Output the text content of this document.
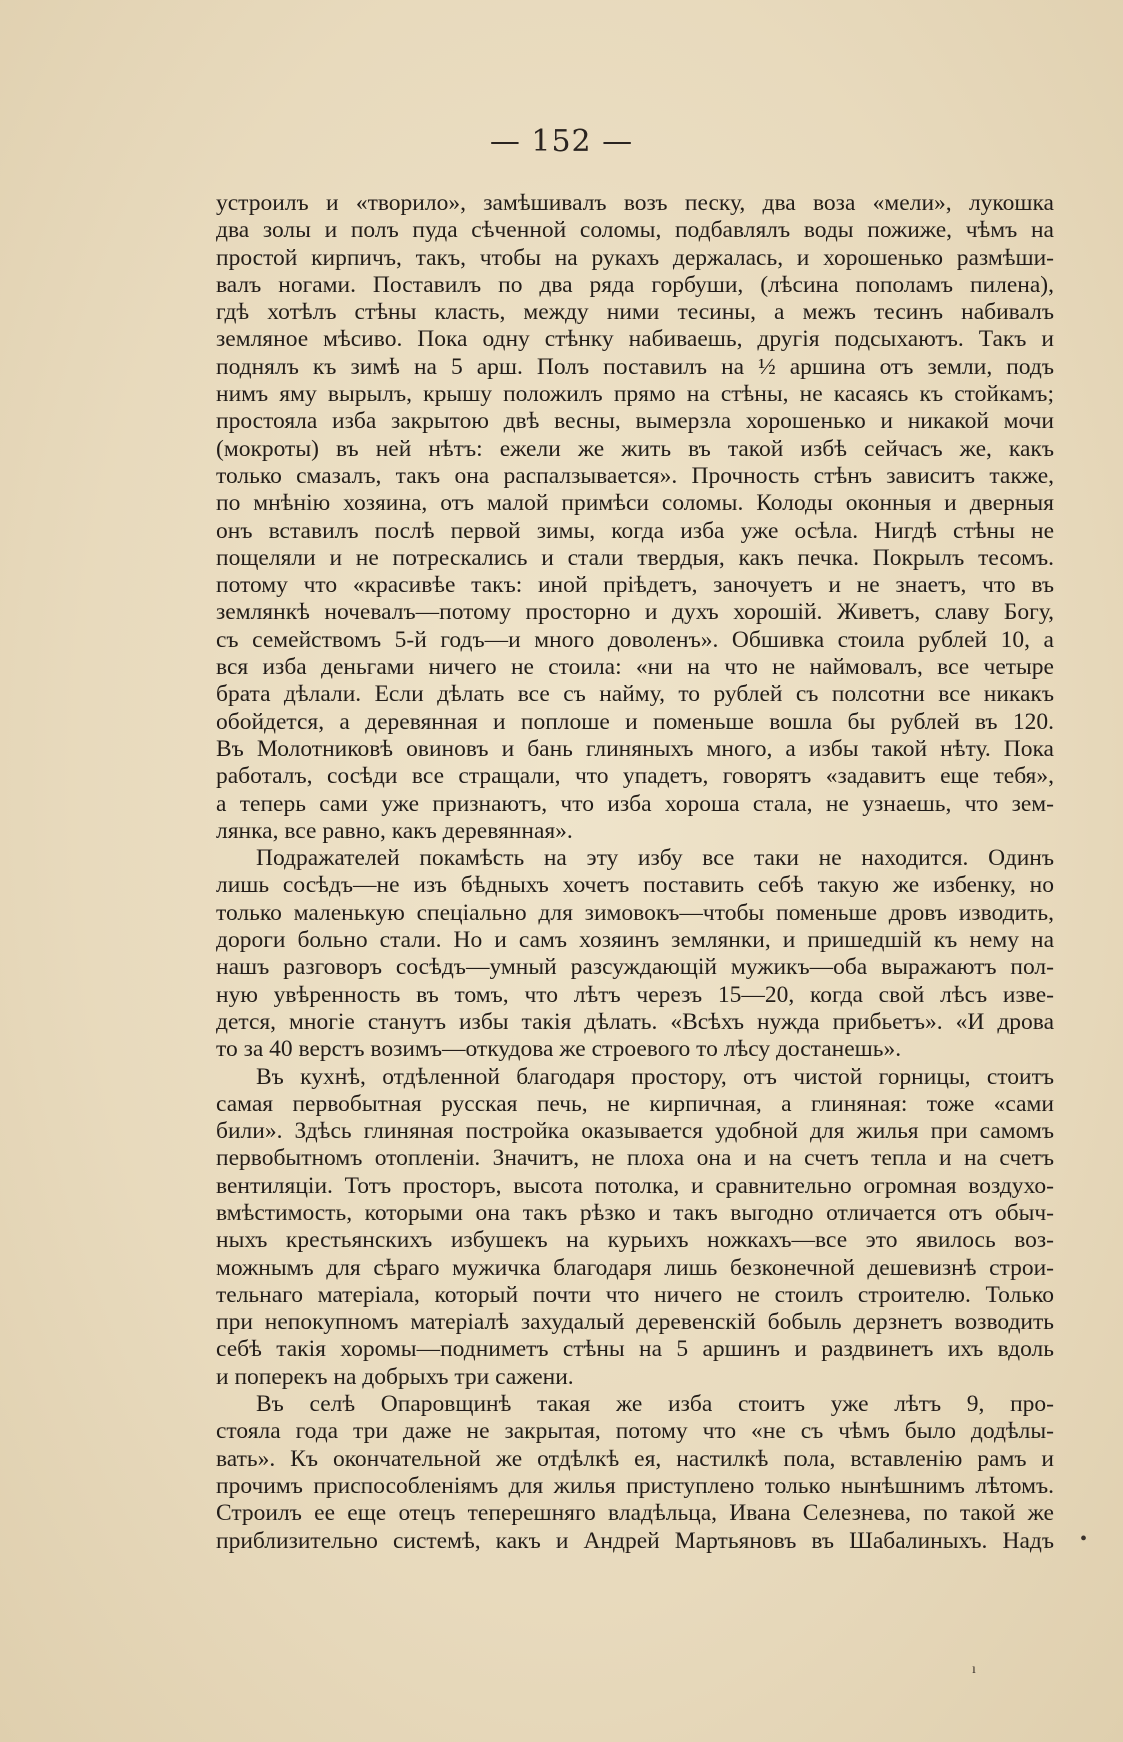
— 152 —
устроилъ и «творило», замѣшивалъ возъ песку, два воза «мели», лукошка
два золы и полъ пуда сѣченной соломы, подбавлялъ воды пожиже, чѣмъ на
простой кирпичъ, такъ, чтобы на рукахъ держалась, и хорошенько размѣши-
валъ ногами. Поставилъ по два ряда горбуши, (лѣсина пополамъ пилена),
гдѣ хотѣлъ стѣны класть, между ними тесины, а межъ тесинъ набивалъ
земляное мѣсиво. Пока одну стѣнку набиваешь, другія подсыхаютъ. Такъ и
поднялъ къ зимѣ на 5 арш. Полъ поставилъ на ½ аршина отъ земли, подъ
нимъ яму вырылъ, крышу положилъ прямо на стѣны, не касаясь къ стойкамъ;
простояла изба закрытою двѣ весны, вымерзла хорошенько и никакой мочи
(мокроты) въ ней нѣтъ: ежели же жить въ такой избѣ сейчасъ же, какъ
только смазалъ, такъ она распалзывается». Прочность стѣнъ зависитъ также,
по мнѣнію хозяина, отъ малой примѣси соломы. Колоды оконныя и дверныя
онъ вставилъ послѣ первой зимы, когда изба уже осѣла. Нигдѣ стѣны не
пощеляли и не потрескались и стали твердыя, какъ печка. Покрылъ тесомъ.
потому что «красивѣе такъ: иной пріѣдетъ, заночуетъ и не знаетъ, что въ
землянкѣ ночевалъ—потому просторно и духъ хорошій. Живетъ, славу Богу,
съ семействомъ 5-й годъ—и много доволенъ». Обшивка стоила рублей 10, а
вся изба деньгами ничего не стоила: «ни на что не наймовалъ, все четыре
брата дѣлали. Если дѣлать все съ найму, то рублей съ полсотни все никакъ
обойдется, а деревянная и поплоше и поменьше вошла бы рублей въ 120.
Въ Молотниковѣ овиновъ и бань глиняныхъ много, а избы такой нѣту. Пока
работалъ, сосѣди все стращали, что упадетъ, говорятъ «задавитъ еще тебя»,
а теперь сами уже признаютъ, что изба хороша стала, не узнаешь, что зем-
лянка, все равно, какъ деревянная».
Подражателей покамѣсть на эту избу все таки не находится. Одинъ
лишь сосѣдъ—не изъ бѣдныхъ хочетъ поставить себѣ такую же избенку, но
только маленькую спеціально для зимовокъ—чтобы поменьше дровъ изводить,
дороги больно стали. Но и самъ хозяинъ землянки, и пришедшій къ нему на
нашъ разговоръ сосѣдъ—умный разсуждающій мужикъ—оба выражаютъ пол-
ную увѣренность въ томъ, что лѣтъ черезъ 15—20, когда свой лѣсъ изве-
дется, многіе станутъ избы такія дѣлать. «Всѣхъ нужда прибьетъ». «И дрова
то за 40 верстъ возимъ—откудова же строевого то лѣсу достанешь».
Въ кухнѣ, отдѣленной благодаря простору, отъ чистой горницы, стоитъ
самая первобытная русская печь, не кирпичная, а глиняная: тоже «сами
били». Здѣсь глиняная постройка оказывается удобной для жилья при самомъ
первобытномъ отопленіи. Значитъ, не плоха она и на счетъ тепла и на счетъ
вентиляціи. Тотъ просторъ, высота потолка, и сравнительно огромная воздухо-
вмѣстимость, которыми она такъ рѣзко и такъ выгодно отличается отъ обыч-
ныхъ крестьянскихъ избушекъ на курьихъ ножкахъ—все это явилось воз-
можнымъ для сѣраго мужичка благодаря лишь безконечной дешевизнѣ строи-
тельнаго матеріала, который почти что ничего не стоилъ строителю. Только
при непокупномъ матеріалѣ захудалый деревенскій бобыль дерзнетъ возводить
себѣ такія хоромы—подниметъ стѣны на 5 аршинъ и раздвинетъ ихъ вдоль
и поперекъ на добрыхъ три сажени.
Въ селѣ Опаровщинѣ такая же изба стоитъ уже лѣтъ 9, про-
стояла года три даже не закрытая, потому что «не съ чѣмъ было додѣлы-
вать». Къ окончательной же отдѣлкѣ ея, настилкѣ пола, вставленію рамъ и
прочимъ приспособленіямъ для жилья приступлено только нынѣшнимъ лѣтомъ.
Строилъ ее еще отецъ теперешняго владѣльца, Ивана Селезнева, по такой же
приблизительно системѣ, какъ и Андрей Мартьяновъ въ Шабалиныхъ. Надъ •
ı
